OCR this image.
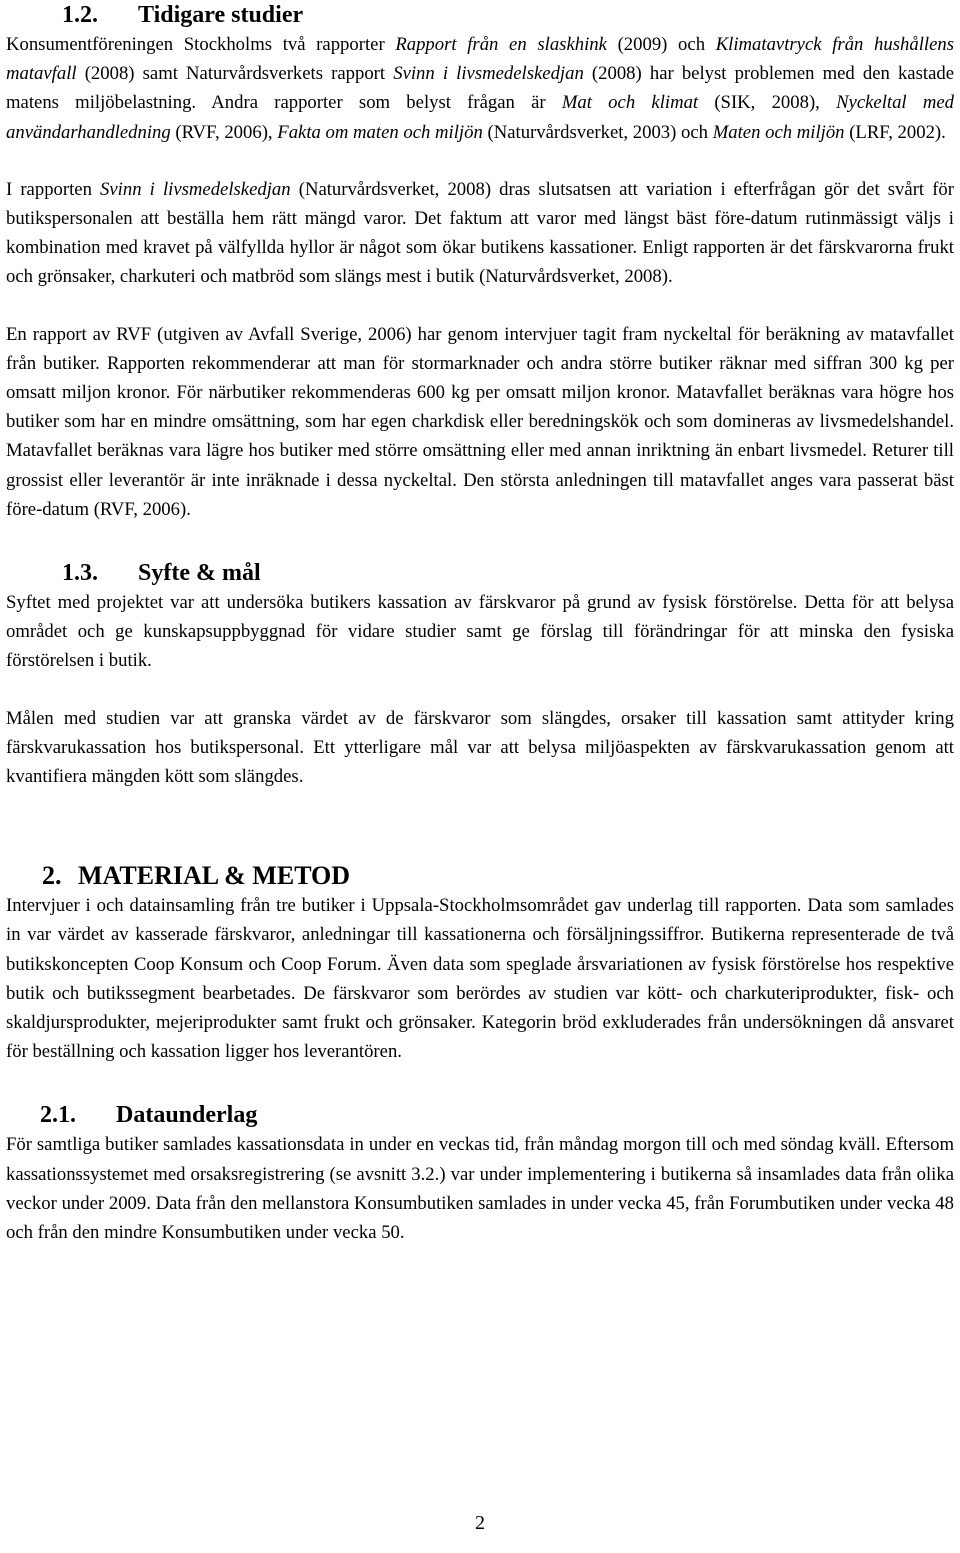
1.2. Tidigare studier

Konsumentföreningen Stockholms två rapporter Rapport från en slaskhink (2009) och Klimatavtryck från hushållens matavfall (2008) samt Naturvårdsverkets rapport Svinn i livsmedelskedjan (2008) har belyst problemen med den kastade matens miljöbelastning. Andra rapporter som belyst frågan är Mat och klimat (SIK, 2008), Nyckeltal med användarhandledning (RVF, 2006), Fakta om maten och miljön (Naturvårdsverket, 2003) och Maten och miljön (LRF, 2002).

I rapporten Svinn i livsmedelskedjan (Naturvårdsverket, 2008) dras slutsatsen att variation i efterfrågan gör det svårt för butikspersonalen att beställa hem rätt mängd varor. Det faktum att varor med längst bäst före-datum rutinmässigt väljs i kombination med kravet på välfyllda hyllor är något som ökar butikens kassationer. Enligt rapporten är det färskvarorna frukt och grönsaker, charkuteri och matbröd som slängs mest i butik (Naturvårdsverket, 2008).

En rapport av RVF (utgiven av Avfall Sverige, 2006) har genom intervjuer tagit fram nyckeltal för beräkning av matavfallet från butiker. Rapporten rekommenderar att man för stormarknader och andra större butiker räknar med siffran 300 kg per omsatt miljon kronor. För närbutiker rekommenderas 600 kg per omsatt miljon kronor. Matavfallet beräknas vara högre hos butiker som har en mindre omsättning, som har egen charkdisk eller beredningskök och som domineras av livsmedelshandel. Matavfallet beräknas vara lägre hos butiker med större omsättning eller med annan inriktning än enbart livsmedel. Returer till grossist eller leverantör är inte inräknade i dessa nyckeltal. Den största anledningen till matavfallet anges vara passerat bäst före-datum (RVF, 2006).

1.3. Syfte & mål

Syftet med projektet var att undersöka butikers kassation av färskvaror på grund av fysisk förstörelse. Detta för att belysa området och ge kunskapsuppbyggnad för vidare studier samt ge förslag till förändringar för att minska den fysiska förstörelsen i butik.

Målen med studien var att granska värdet av de färskvaror som slängdes, orsaker till kassation samt attityder kring färskvarukassation hos butikspersonal. Ett ytterligare mål var att belysa miljöaspekten av färskvarukassation genom att kvantifiera mängden kött som slängdes.

2. MATERIAL & METOD

Intervjuer i och datainsamling från tre butiker i Uppsala-Stockholmsområdet gav underlag till rapporten. Data som samlades in var värdet av kasserade färskvaror, anledningar till kassationerna och försäljningssiffror. Butikerna representerade de två butikskoncepten Coop Konsum och Coop Forum. Även data som speglade årsvariationen av fysisk förstörelse hos respektive butik och butikssegment bearbetades. De färskvaror som berördes av studien var kött- och charkuteriprodukter, fisk- och skaldjursprodukter, mejeriprodukter samt frukt och grönsaker. Kategorin bröd exkluderades från undersökningen då ansvaret för beställning och kassation ligger hos leverantören.

2.1. Dataunderlag

För samtliga butiker samlades kassationsdata in under en veckas tid, från måndag morgon till och med söndag kväll. Eftersom kassationssystemet med orsaksregistrering (se avsnitt 3.2.) var under implementering i butikerna så insamlades data från olika veckor under 2009. Data från den mellanstora Konsumbutiken samlades in under vecka 45, från Forumbutiken under vecka 48 och från den mindre Konsumbutiken under vecka 50.

2
